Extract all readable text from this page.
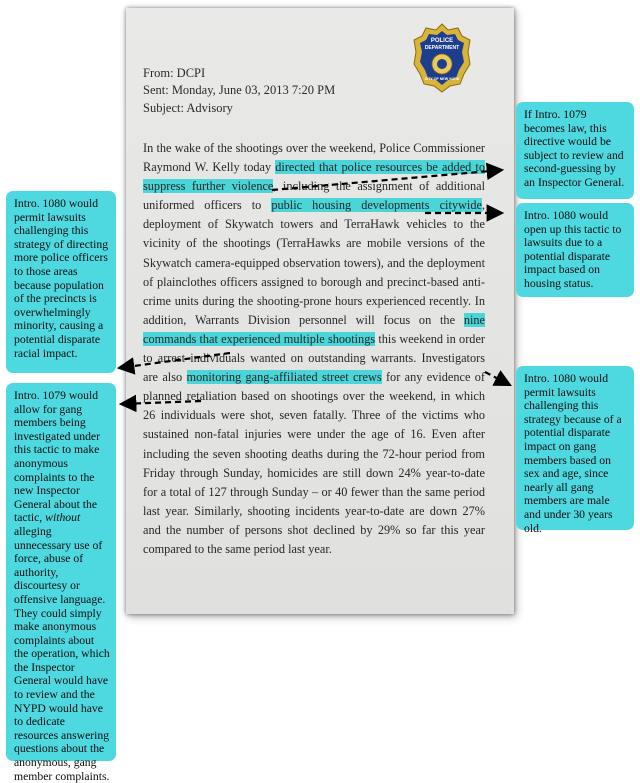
POLICE
DEPARTMENT
CITY OF NEW YORK
From: DCPI
Sent: Monday, June 03, 2013 7:20 PM
Subject: Advisory
In the wake of the shootings over the weekend, Police Commissioner Raymond W. Kelly today directed that police resources be added to suppress further violence, including the assignment of additional uniformed officers to public housing developments citywide, deployment of Skywatch towers and TerraHawk vehicles to the vicinity of the shootings (TerraHawks are mobile versions of the Skywatch camera-equipped observation towers), and the deployment of plainclothes officers assigned to borough and precinct-based anti-crime units during the shooting-prone hours experienced recently. In addition, Warrants Division personnel will focus on the nine commands that experienced multiple shootings this weekend in order to arrest individuals wanted on outstanding warrants. Investigators are also monitoring gang-affiliated street crews for any evidence of planned retaliation based on shootings over the weekend, in which 26 individuals were shot, seven fatally. Three of the victims who sustained non-fatal injuries were under the age of 16. Even after including the seven shooting deaths during the 72-hour period from Friday through Sunday, homicides are still down 24% year-to-date for a total of 127 through Sunday – or 40 fewer than the same period last year. Similarly, shooting incidents year-to-date are down 27% and the number of persons shot declined by 29% so far this year compared to the same period last year.
If Intro. 1079 becomes law, this directive would be subject to review and second-guessing by an Inspector General.
Intro. 1080 would open up this tactic to lawsuits due to a potential disparate impact based on housing status.
Intro. 1080 would permit lawsuits challenging this strategy because of a potential disparate impact on gang members based on sex and age, since nearly all gang members are male and under 30 years old.
Intro. 1080 would permit lawsuits challenging this strategy of directing more police officers to those areas because population of the precincts is overwhelmingly minority, causing a potential disparate racial impact.
Intro. 1079 would allow for gang members being investigated under this tactic to make anonymous complaints to the new Inspector General about the tactic, without alleging unnecessary use of force, abuse of authority, discourtesy or offensive language. They could simply make anonymous complaints about the operation, which the Inspector General would have to review and the NYPD would have to dedicate resources answering questions about the anonymous, gang member complaints.
